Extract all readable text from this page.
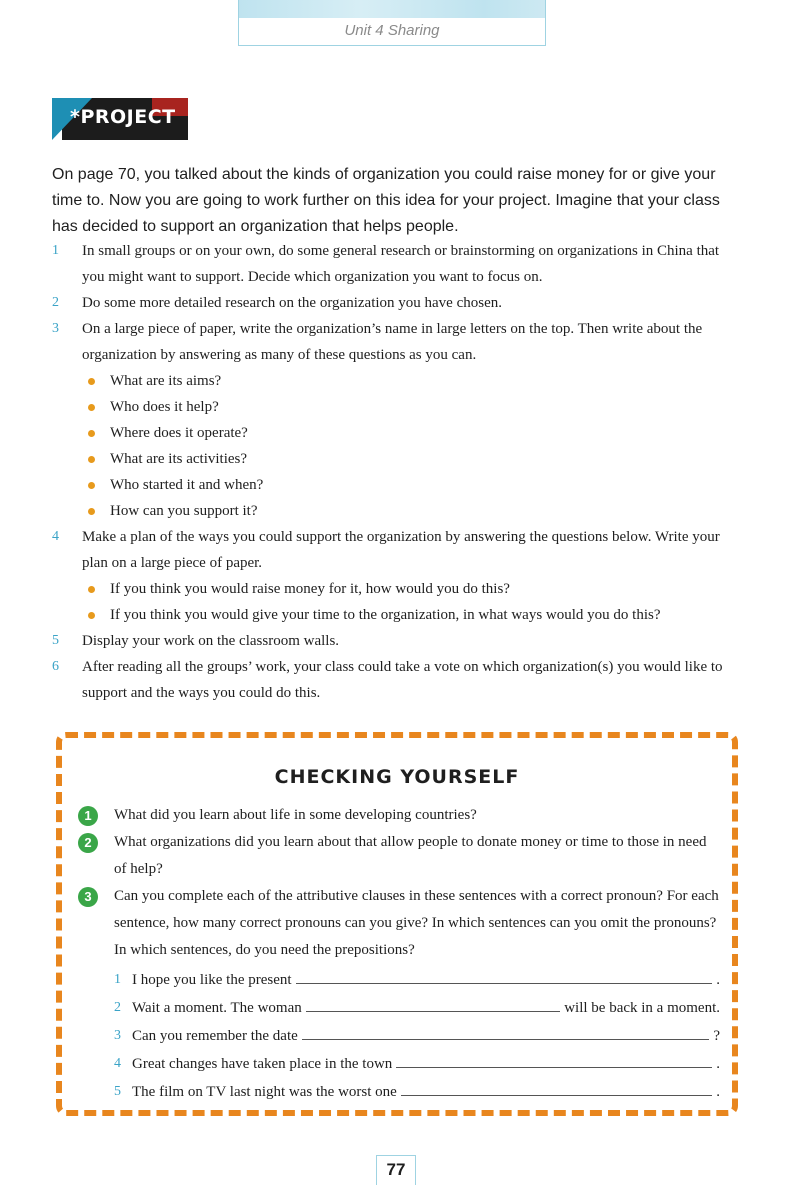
Unit 4 Sharing
*PROJECT

On page 70, you talked about the kinds of organization you could raise money for or give your time to. Now you are going to work further on this idea for your project. Imagine that your class has decided to support an organization that helps people.

1	In small groups or on your own, do some general research or brainstorming on organizations in China that you might want to support. Decide which organization you want to focus on.
2	Do some more detailed research on the organization you have chosen.
3	On a large piece of paper, write the organization’s name in large letters on the top. Then write about the organization by answering as many of these questions as you can.
What are its aims?
Who does it help?
Where does it operate?
What are its activities?
Who started it and when?
How can you support it?
4	Make a plan of the ways you could support the organization by answering the questions below. Write your plan on a large piece of paper.
If you think you would raise money for it, how would you do this?
If you think you would give your time to the organization, in what ways would you do this?
5	Display your work on the classroom walls.
6	After reading all the groups’ work, your class could take a vote on which organization(s) you would like to support and the ways you could do this.
CHECKING YOURSELF
1	What did you learn about life in some developing countries?
2	What organizations did you learn about that allow people to donate money or time to those in need of help?
3	Can you complete each of the attributive clauses in these sentences with a correct pronoun? For each sentence, how many correct pronouns can you give? In which sentences can you omit the pronouns? In which sentences, do you need the prepositions?
1 I hope you like the present	.
2 Wait a moment. The woman	will be back in a moment.
3 Can you remember the date	?
4 Great changes have taken place in the town	.
5 The film on TV last night was the worst one	.
77
